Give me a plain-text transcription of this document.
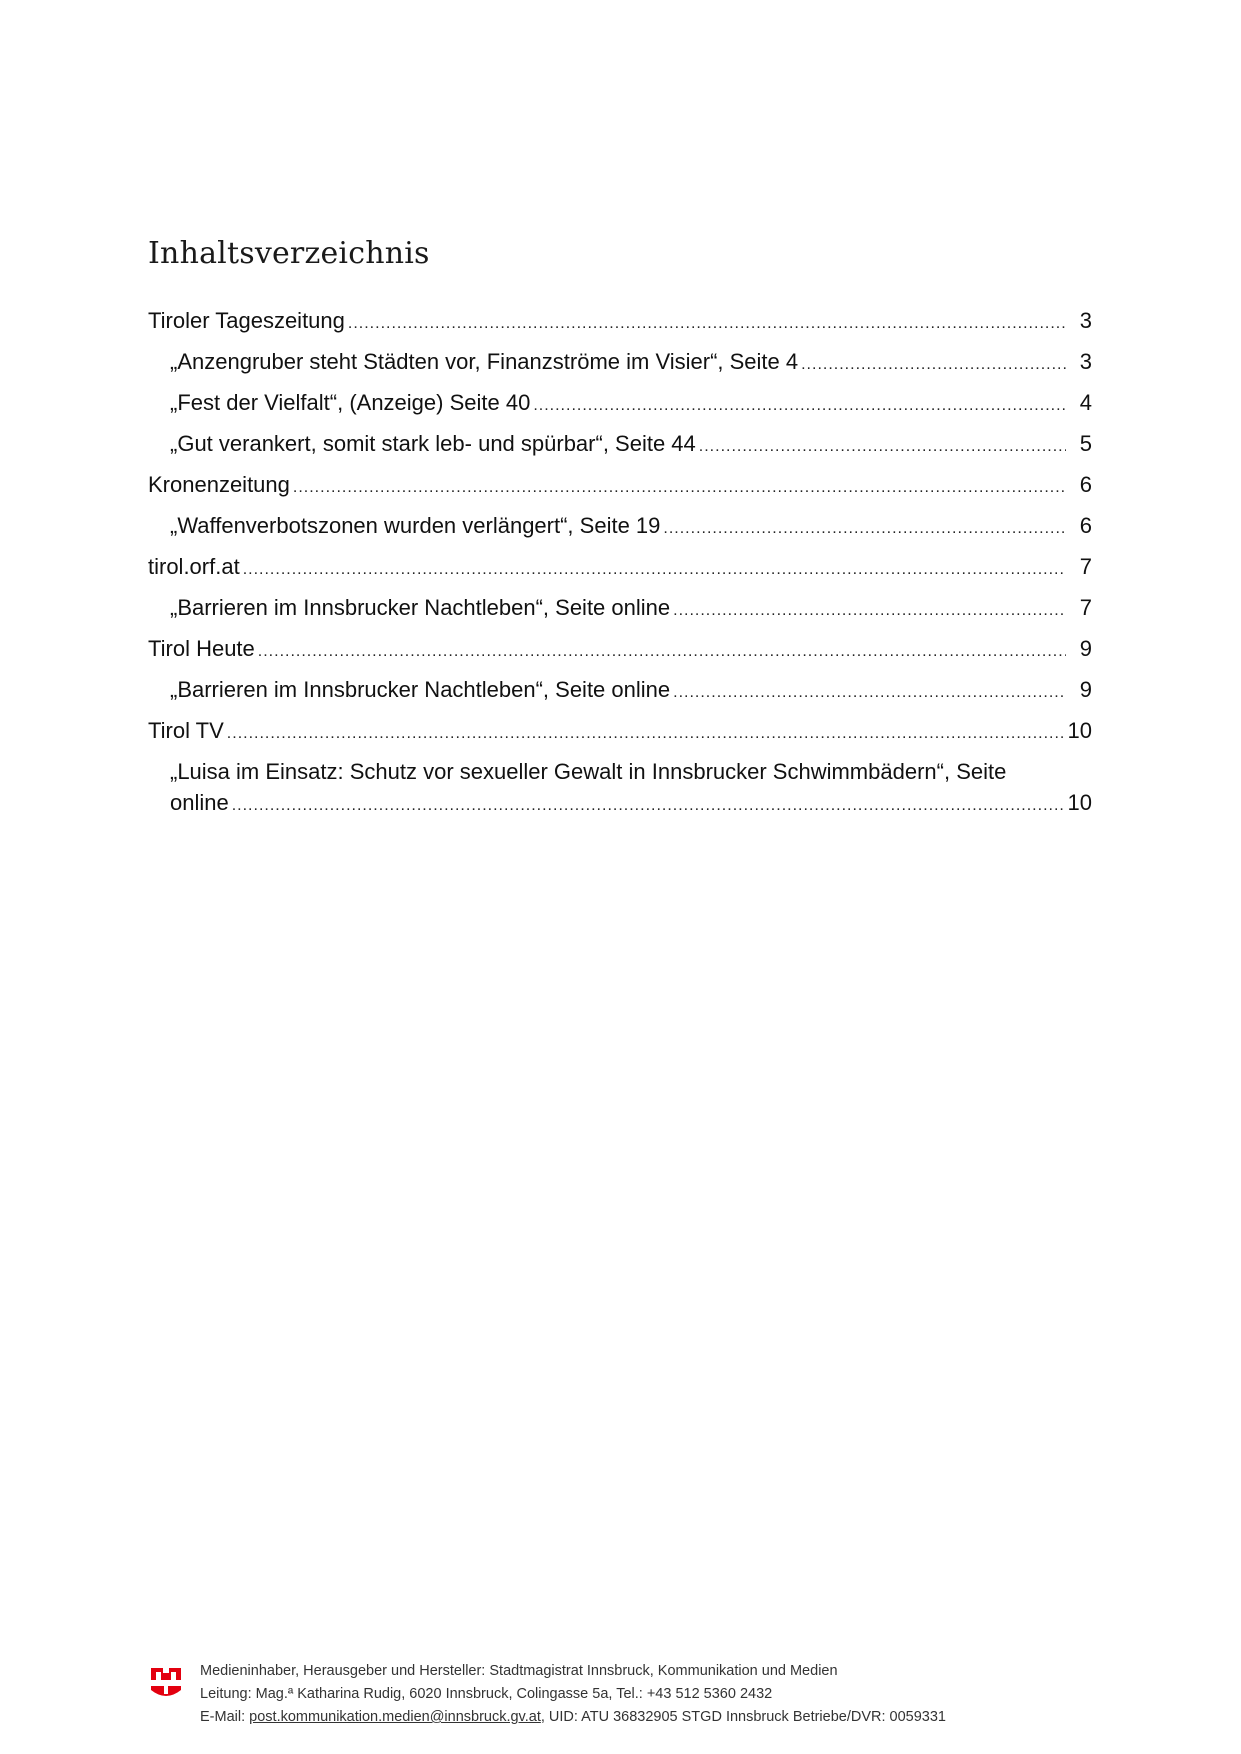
Inhaltsverzeichnis
Tiroler Tageszeitung .....	3
„Anzengruber steht Städten vor, Finanzströme im Visier“, Seite 4 .....	3
„Fest der Vielfalt“, (Anzeige) Seite 40 .....	4
„Gut verankert, somit stark leb- und spürbar“, Seite 44 .....	5
Kronenzeitung .....	6
„Waffenverbotszonen wurden verlängert“, Seite 19 .....	6
tirol.orf.at .....	7
„Barrieren im Innsbrucker Nachtleben“, Seite online .....	7
Tirol Heute .....	9
„Barrieren im Innsbrucker Nachtleben“, Seite online .....	9
Tirol TV .....	10
„Luisa im Einsatz: Schutz vor sexueller Gewalt in Innsbrucker Schwimmbädern“, Seite
online .....	10
Medieninhaber, Herausgeber und Hersteller: Stadtmagistrat Innsbruck, Kommunikation und Medien
Leitung: Mag.ª Katharina Rudig, 6020 Innsbruck, Colingasse 5a, Tel.: +43 512 5360 2432
E-Mail: post.kommunikation.medien@innsbruck.gv.at, UID: ATU 36832905 STGD Innsbruck Betriebe/DVR: 0059331
